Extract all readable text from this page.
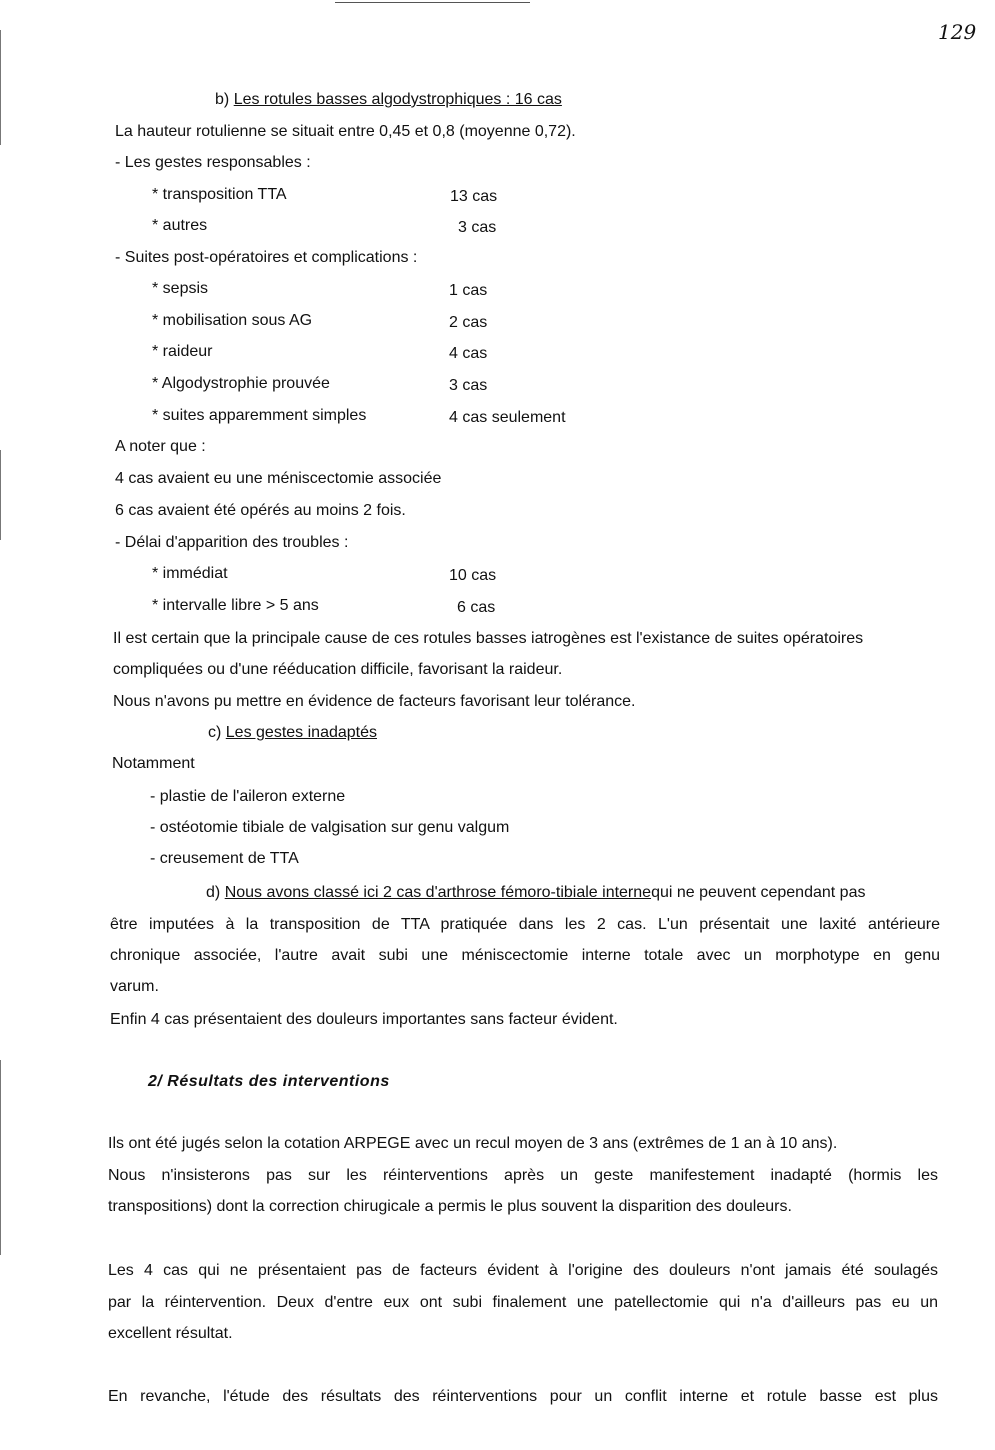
129
b) Les rotules basses algodystrophiques : 16 cas
La hauteur rotulienne se situait entre 0,45 et 0,8 (moyenne 0,72).
- Les gestes responsables :
* transposition TTA	13 cas
* autres	3 cas
- Suites post-opératoires et complications :
* sepsis	1 cas
* mobilisation sous AG	2 cas
* raideur	4 cas
* Algodystrophie prouvée	3 cas
* suites apparemment simples	4 cas seulement
A noter que :
4 cas avaient eu une méniscectomie associée
6 cas avaient été opérés au moins 2 fois.
- Délai d'apparition des troubles :
* immédiat	10 cas
* intervalle libre > 5 ans	6 cas
Il est certain que la principale cause de ces rotules basses iatrogènes est l'existance de suites opératoires
compliquées ou d'une rééducation difficile, favorisant la raideur.
Nous n'avons pu mettre en évidence de facteurs favorisant leur tolérance.
c) Les gestes inadaptés
Notamment
- plastie de l'aileron externe
- ostéotomie tibiale de valgisation sur genu valgum
- creusement de TTA
d) Nous avons classé ici 2 cas d'arthrose fémoro-tibiale internequi ne peuvent cependant pas
être imputées à la transposition de TTA pratiquée dans les 2 cas. L'un présentait une laxité antérieure
chronique associée, l'autre avait subi une méniscectomie interne totale avec un morphotype en genu
varum.
Enfin 4 cas présentaient des douleurs importantes sans facteur évident.
2/ Résultats des interventions
Ils ont été jugés selon la cotation ARPEGE avec un recul moyen de 3 ans (extrêmes de 1 an à 10 ans).
Nous n'insisterons pas sur les réinterventions après un geste manifestement inadapté (hormis les
transpositions) dont la correction chirugicale a permis le plus souvent la disparition des douleurs.
Les 4 cas qui ne présentaient pas de facteurs évident à l'origine des douleurs n'ont jamais été soulagés
par la réintervention. Deux d'entre eux ont subi finalement une patellectomie qui n'a d'ailleurs pas eu un
excellent résultat.
En revanche, l'étude des résultats des réinterventions pour un conflit interne et rotule basse est plus
